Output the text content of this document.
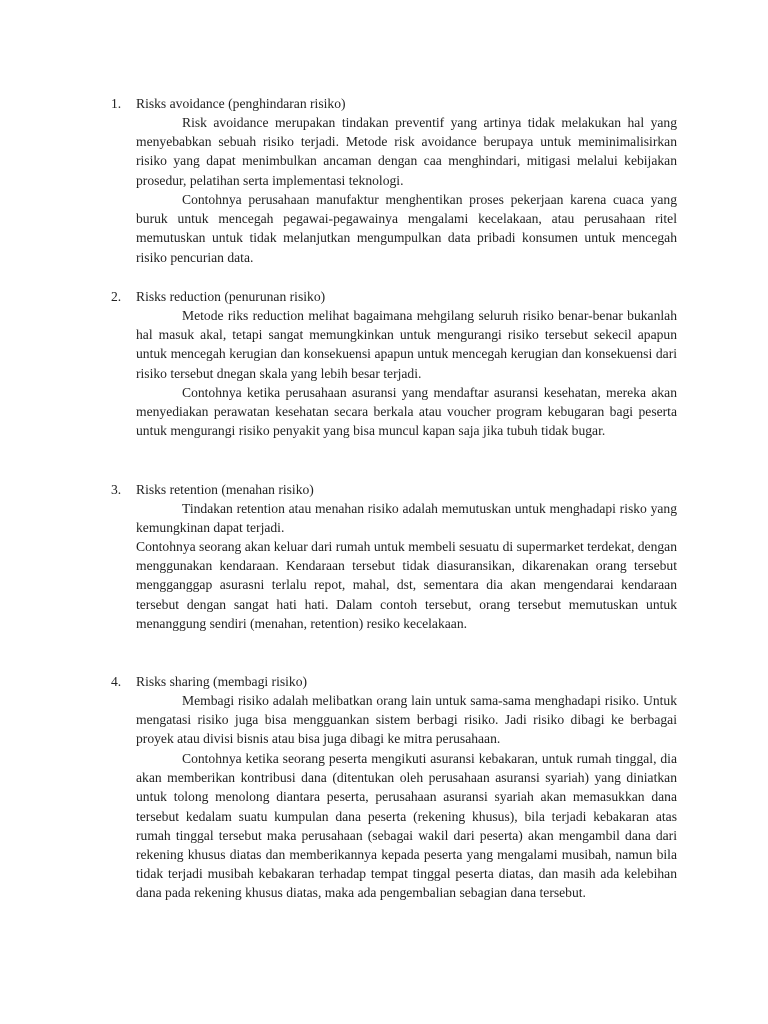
1. Risks avoidance (penghindaran risiko)

Risk avoidance merupakan tindakan preventif yang artinya tidak melakukan hal yang menyebabkan sebuah risiko terjadi. Metode risk avoidance berupaya untuk meminimalisirkan risiko yang dapat menimbulkan ancaman dengan caa menghindari, mitigasi melalui kebijakan prosedur, pelatihan serta implementasi teknologi.

Contohnya perusahaan manufaktur menghentikan proses pekerjaan karena cuaca yang buruk untuk mencegah pegawai-pegawainya mengalami kecelakaan, atau perusahaan ritel memutuskan untuk tidak melanjutkan mengumpulkan data pribadi konsumen untuk mencegah risiko pencurian data.

2. Risks reduction (penurunan risiko)

Metode riks reduction melihat bagaimana mehgilang seluruh risiko benar-benar bukanlah hal masuk akal, tetapi sangat memungkinkan untuk mengurangi risiko tersebut sekecil apapun untuk mencegah kerugian dan konsekuensi apapun untuk mencegah kerugian dan konsekuensi dari risiko tersebut dnegan skala yang lebih besar terjadi.

Contohnya ketika perusahaan asuransi yang mendaftar asuransi kesehatan, mereka akan menyediakan perawatan kesehatan secara berkala atau voucher program kebugaran bagi peserta untuk mengurangi risiko penyakit yang bisa muncul kapan saja jika tubuh tidak bugar.

3. Risks retention (menahan risiko)

Tindakan retention atau menahan risiko adalah memutuskan untuk menghadapi risko yang kemungkinan dapat terjadi.

Contohnya seorang akan keluar dari rumah untuk membeli sesuatu di supermarket terdekat, dengan menggunakan kendaraan. Kendaraan tersebut tidak diasuransikan, dikarenakan orang tersebut mengganggap asurasni terlalu repot, mahal, dst, sementara dia akan mengendarai kendaraan tersebut dengan sangat hati hati. Dalam contoh tersebut, orang tersebut memutuskan untuk menanggung sendiri (menahan, retention) resiko kecelakaan.

4. Risks sharing (membagi risiko)

Membagi risiko adalah melibatkan orang lain untuk sama-sama menghadapi risiko. Untuk mengatasi risiko juga bisa mengguankan sistem berbagi risiko. Jadi risiko dibagi ke berbagai proyek atau divisi bisnis atau bisa juga dibagi ke mitra perusahaan.

Contohnya ketika seorang peserta mengikuti asuransi kebakaran, untuk rumah tinggal, dia akan memberikan kontribusi dana (ditentukan oleh perusahaan asuransi syariah) yang diniatkan untuk tolong menolong diantara peserta, perusahaan asuransi syariah akan memasukkan dana tersebut kedalam suatu kumpulan dana peserta (rekening khusus), bila terjadi kebakaran atas rumah tinggal tersebut maka perusahaan (sebagai wakil dari peserta) akan mengambil dana dari rekening khusus diatas dan memberikannya kepada peserta yang mengalami musibah, namun bila tidak terjadi musibah kebakaran terhadap tempat tinggal peserta diatas, dan masih ada kelebihan dana pada rekening khusus diatas, maka ada pengembalian sebagian dana tersebut.
